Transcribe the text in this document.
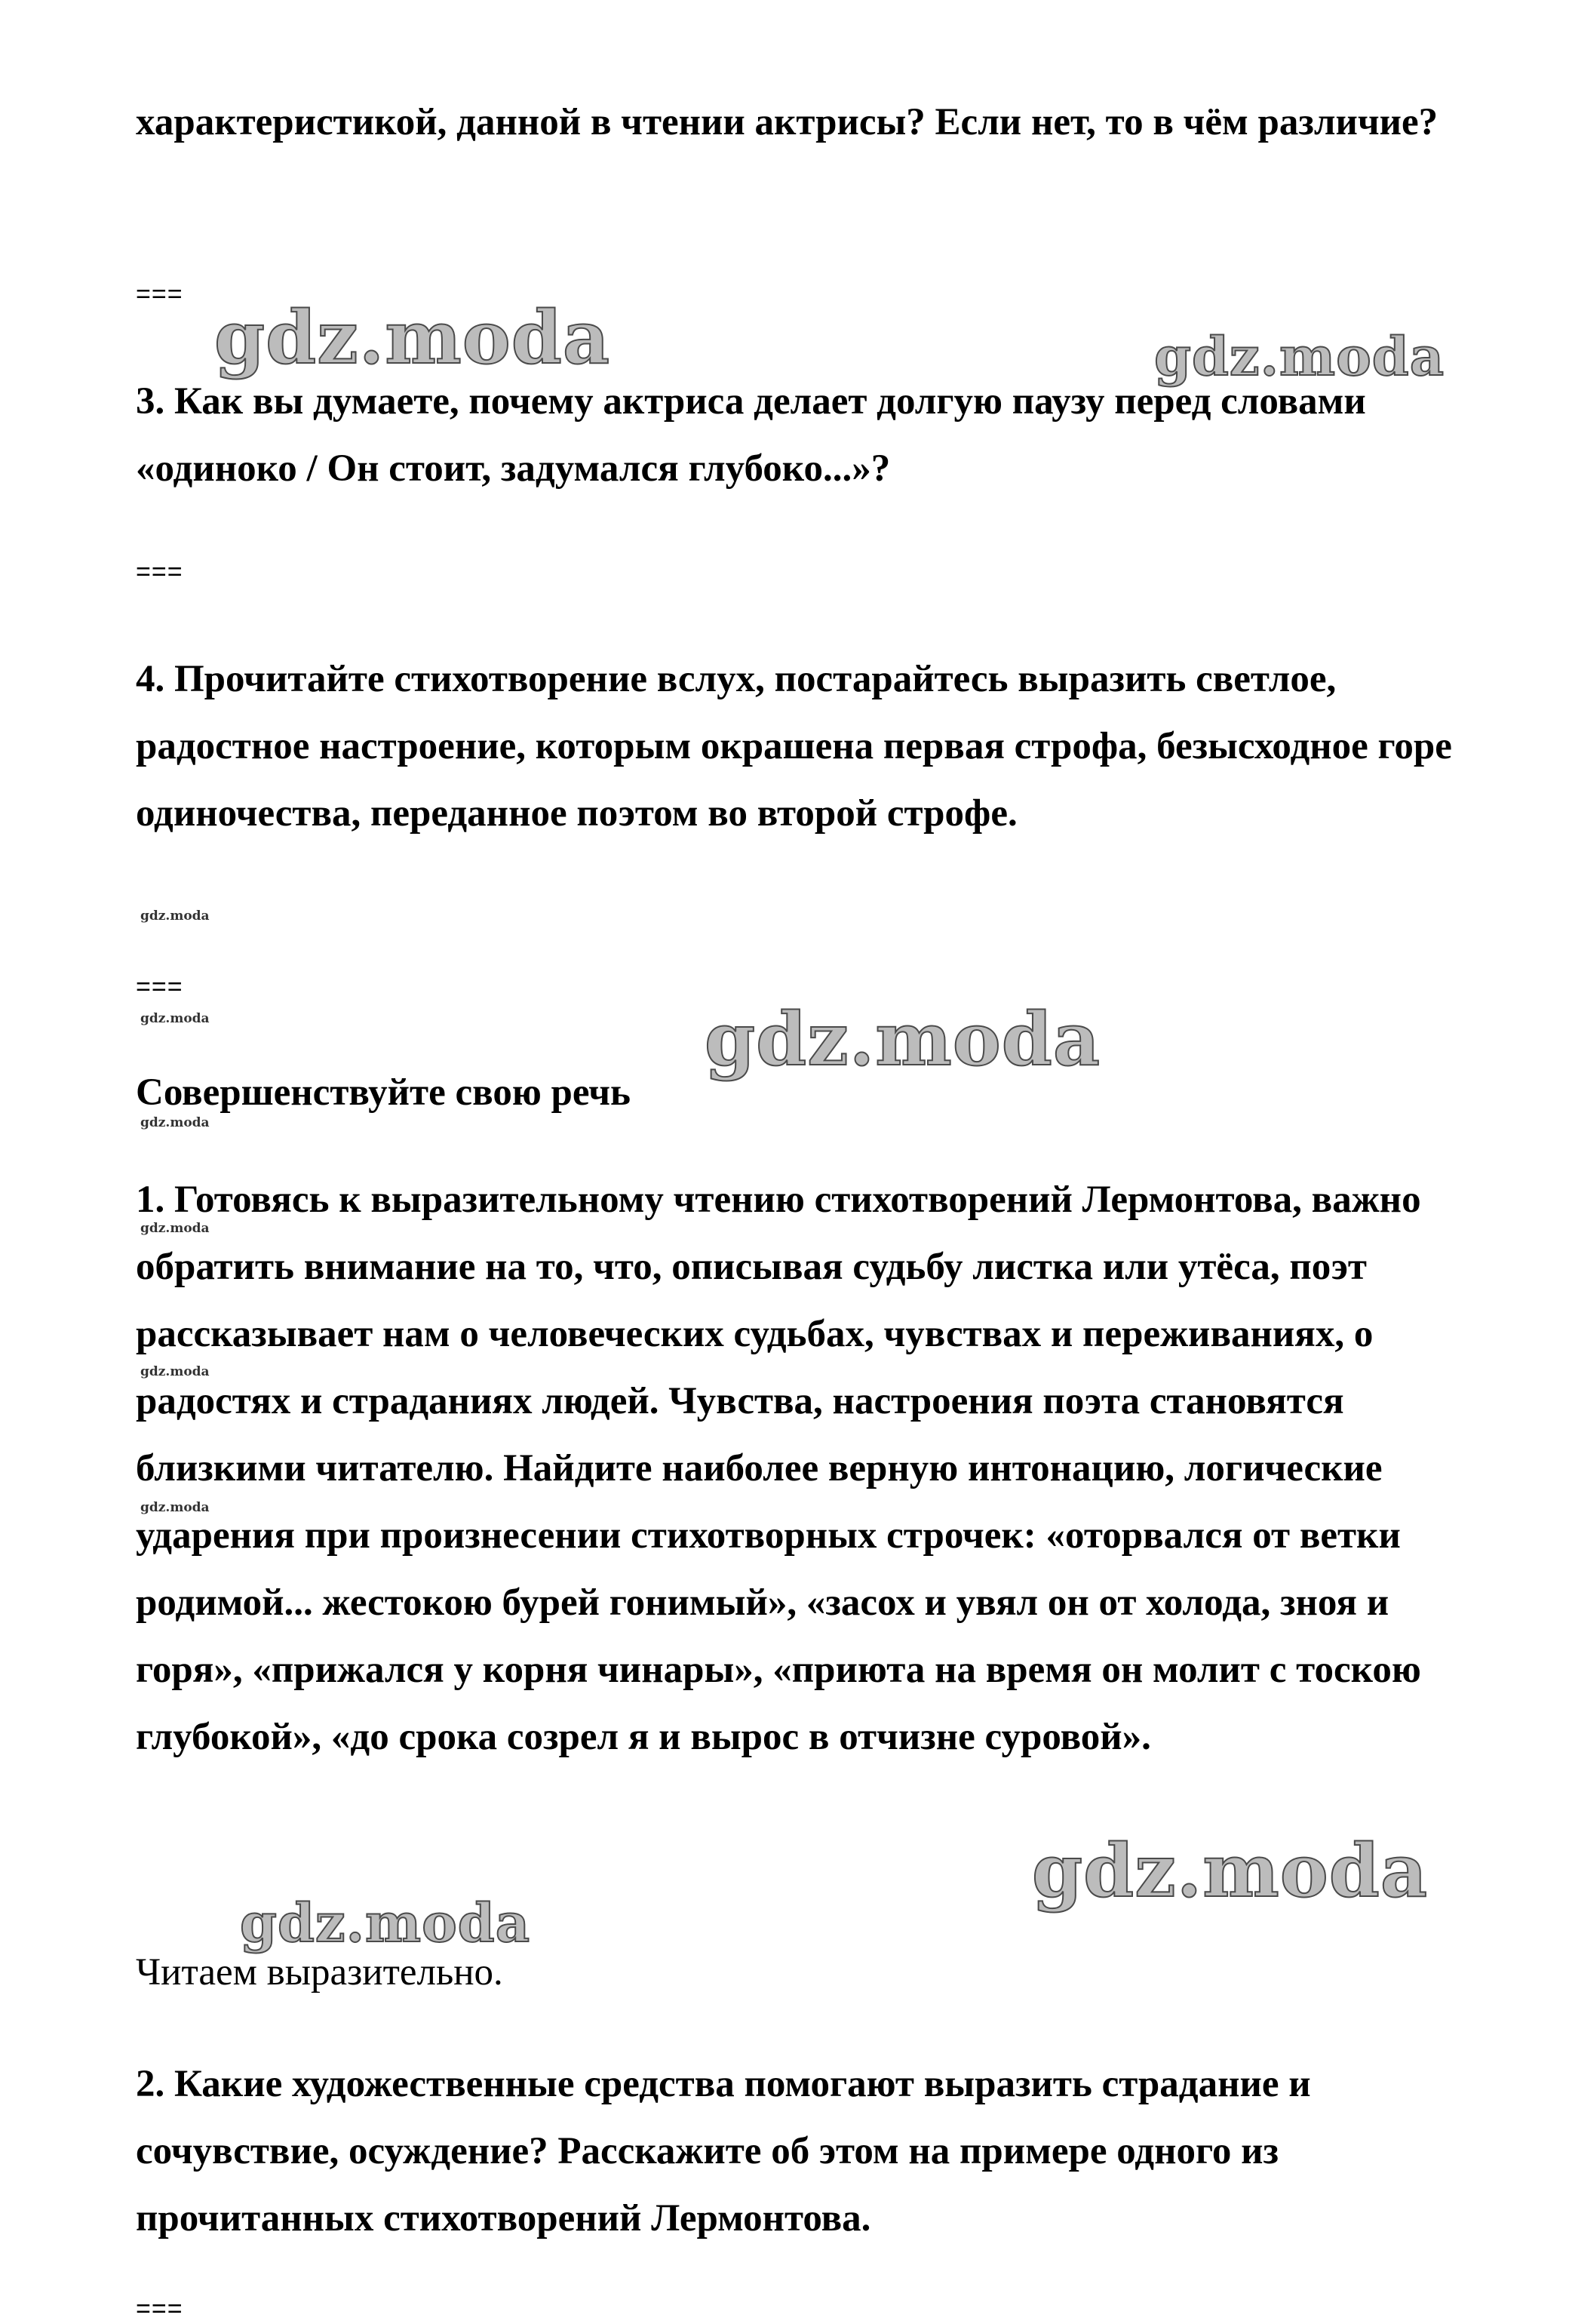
характеристикой, данной в чтении актрисы? Если нет, то в чём различие?

===

3. Как вы думаете, почему актриса делает долгую паузу перед словами «одиноко / Он стоит, задумался глубоко...»?

===

4. Прочитайте стихотворение вслух, постарайтесь выразить светлое, радостное настроение, которым окрашена первая строфа, безысходное горе одиночества, переданное поэтом во второй строфе.

===

Совершенствуйте свою речь

1. Готовясь к выразительному чтению стихотворений Лермонтова, важно обратить внимание на то, что, описывая судьбу листка или утёса, поэт рассказывает нам о человеческих судьбах, чувствах и переживаниях, о радостях и страданиях людей. Чувства, настроения поэта становятся близкими читателю. Найдите наиболее верную интонацию, логические ударения при произнесении стихотворных строчек: «оторвался от ветки родимой... жестокою бурей гонимый», «засох и увял он от холода, зноя и горя», «прижался у корня чинары», «приюта на время он молит с тоскою глубокой», «до срока созрел я и вырос в отчизне суровой».

Читаем выразительно.

2. Какие художественные средства помогают выразить страдание и сочувствие, осуждение? Расскажите об этом на примере одного из прочитанных стихотворений Лермонтова.

===

gdz.moda	gdz.moda

gdz.moda

gdz.moda

gdz.moda

gdz.moda

gdz.moda

gdz.moda

gdz.moda

gdz.moda

gdz.moda
